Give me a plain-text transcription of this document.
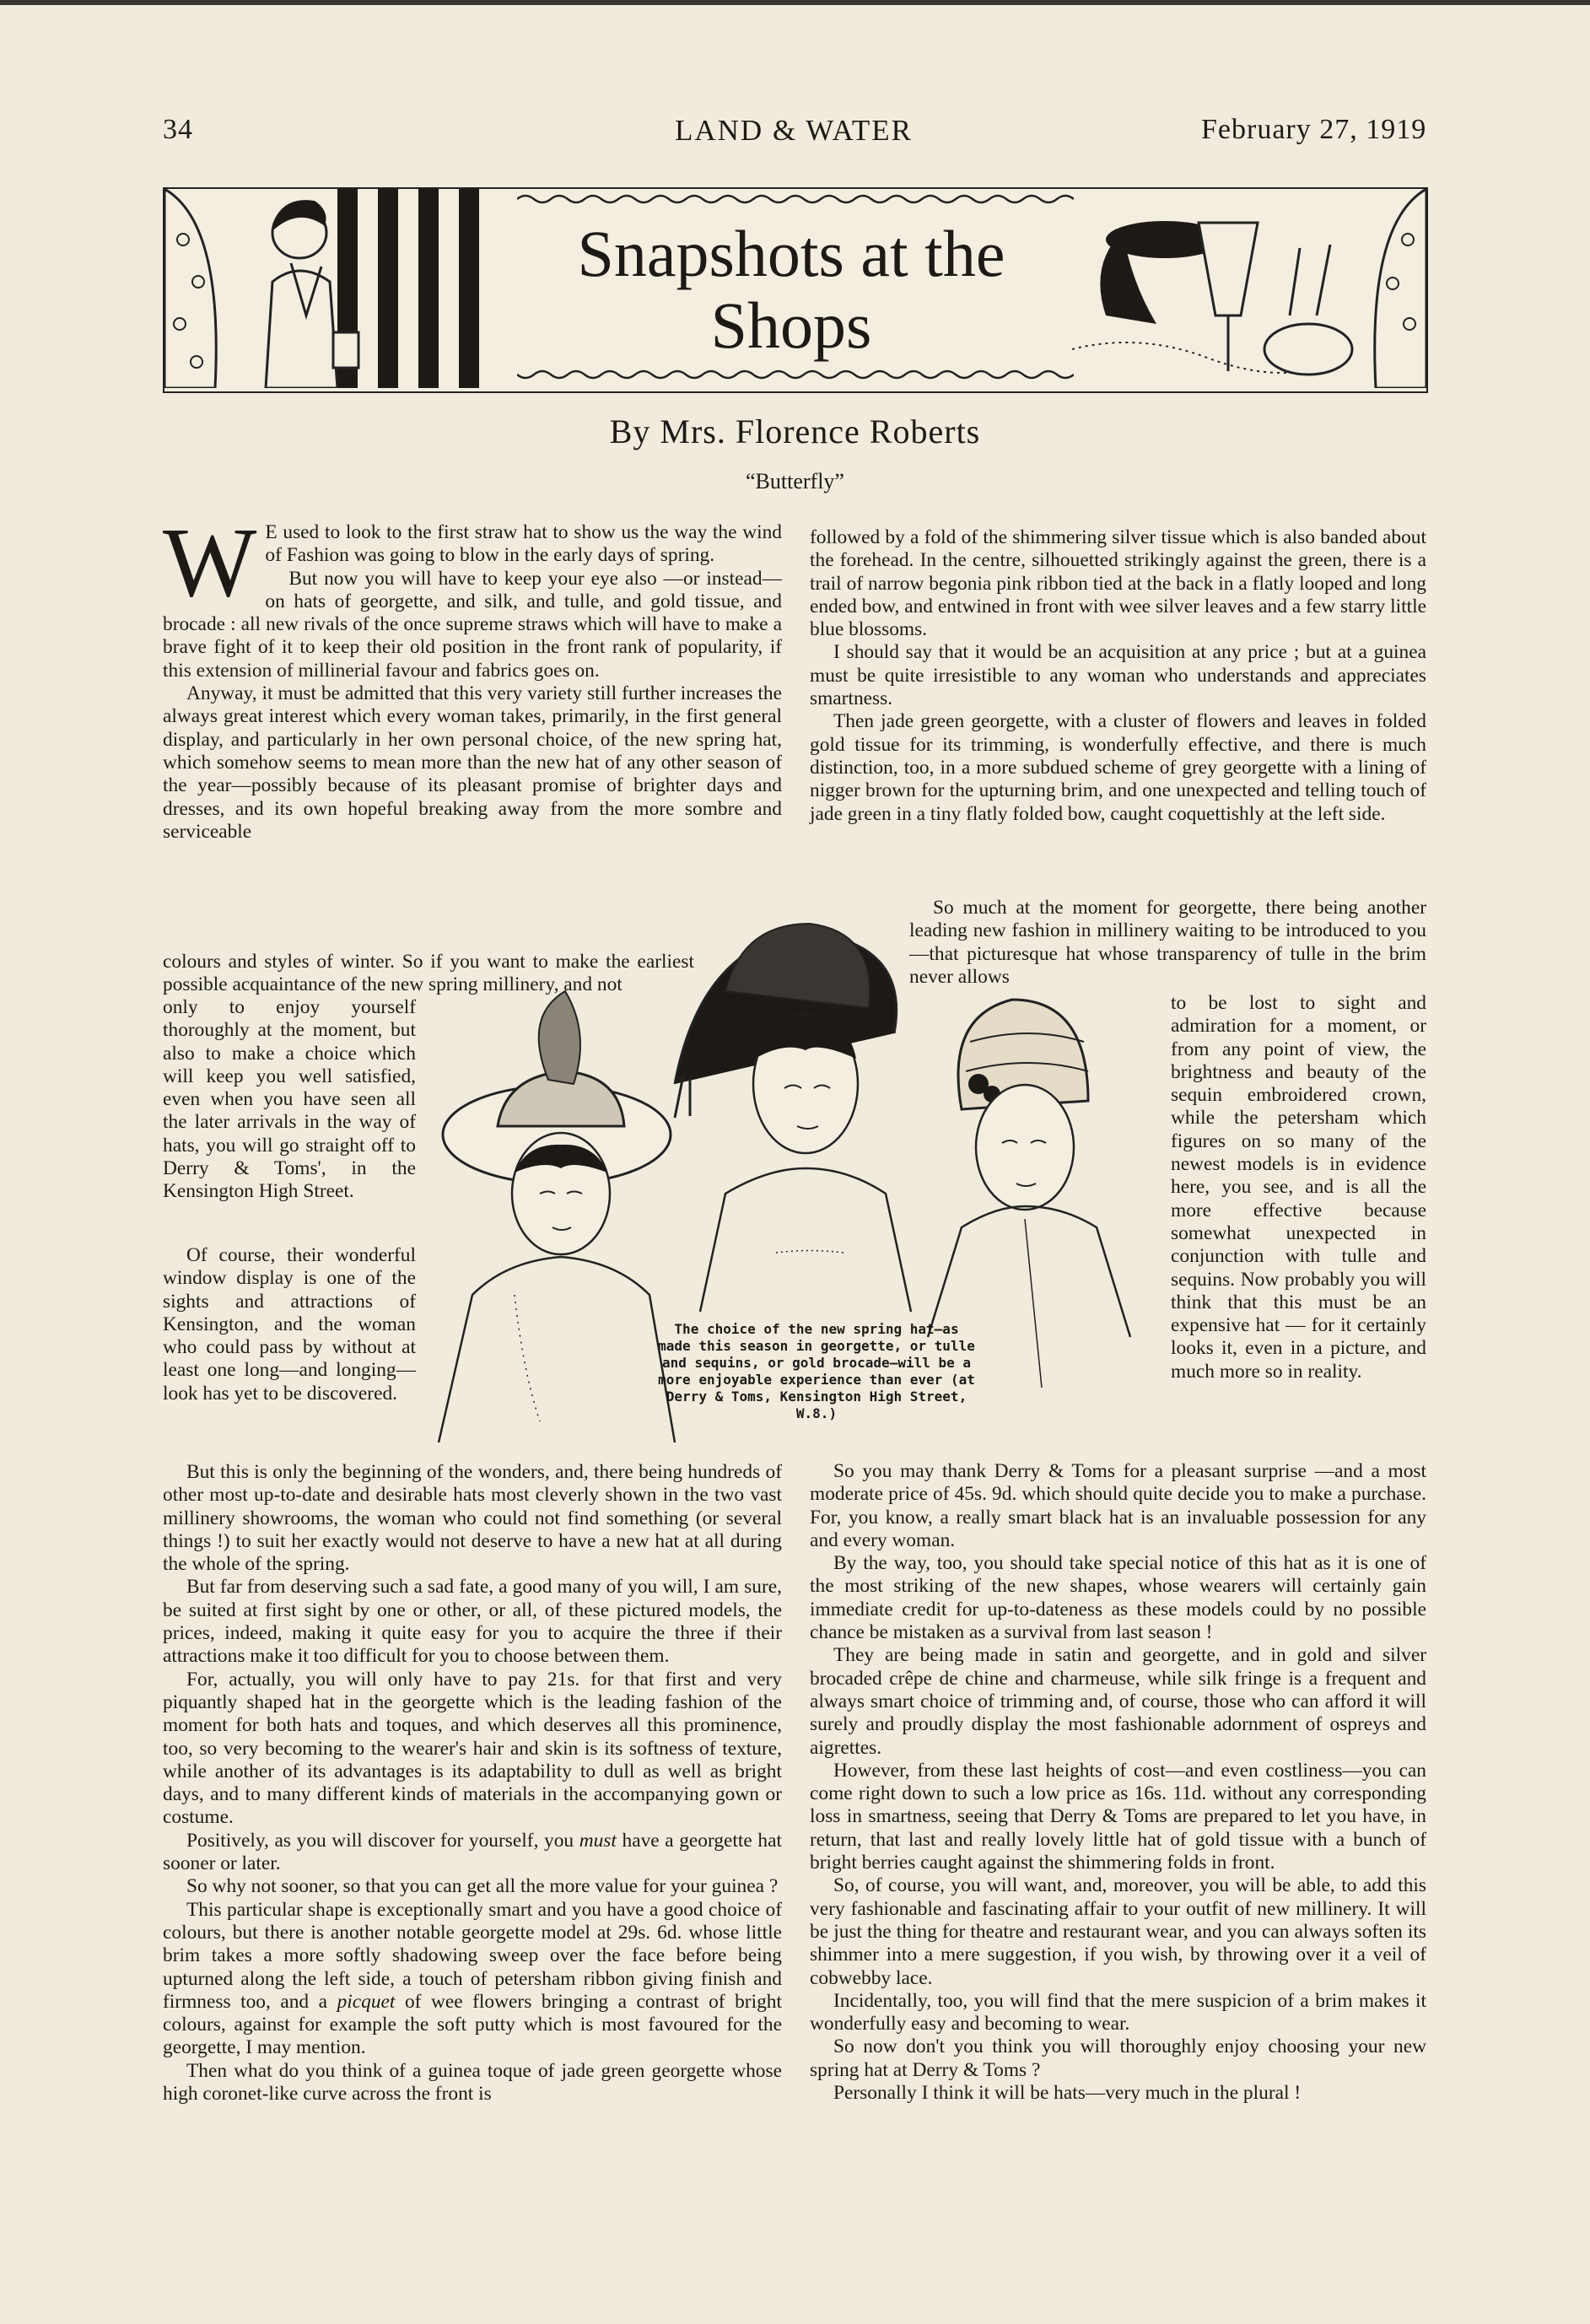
34	LAND & WATER	February 27, 1919
Snapshots at the
Shops
By Mrs. Florence Roberts
“Butterfly”

W E used to look to the first straw hat to show us the way the wind of Fashion was going to blow in the early days of spring.

But now you will have to keep your eye also —or instead—on hats of georgette, and silk, and tulle, and gold tissue, and brocade : all new rivals of the once supreme straws which will have to make a brave fight of it to keep their old position in the front rank of popularity, if this extension of millinerial favour and fabrics goes on.

Anyway, it must be admitted that this very variety still further increases the always great interest which every woman takes, primarily, in the first general display, and particularly in her own personal choice, of the new spring hat, which somehow seems to mean more than the new hat of any other season of the year—possibly because of its pleasant promise of brighter days and dresses, and its own hopeful breaking away from the more sombre and serviceable

colours and styles of winter. So if you want to make the earliest possible acquaintance of the new spring millinery, and not

only to enjoy yourself thoroughly at the moment, but also to make a choice which will keep you well satisfied, even when you have seen all the later arrivals in the way of hats, you will go straight off to Derry & Toms', in the Kensington High Street.

Of course, their wonderful window display is one of the sights and attractions of Kensington, and the woman who could pass by without at least one long—and longing—look has yet to be discovered.

But this is only the beginning of the wonders, and, there being hundreds of other most up-to-date and desirable hats most cleverly shown in the two vast millinery showrooms, the woman who could not find something (or several things !) to suit her exactly would not deserve to have a new hat at all during the whole of the spring.

But far from deserving such a sad fate, a good many of you will, I am sure, be suited at first sight by one or other, or all, of these pictured models, the prices, indeed, making it quite easy for you to acquire the three if their attractions make it too difficult for you to choose between them.

For, actually, you will only have to pay 21s. for that first and very piquantly shaped hat in the georgette which is the leading fashion of the moment for both hats and toques, and which deserves all this prominence, too, so very becoming to the wearer's hair and skin is its softness of texture, while another of its advantages is its adaptability to dull as well as bright days, and to many different kinds of materials in the accompanying gown or costume.

Positively, as you will discover for yourself, you must have a georgette hat sooner or later.

So why not sooner, so that you can get all the more value for your guinea ?

This particular shape is exceptionally smart and you have a good choice of colours, but there is another notable georgette model at 29s. 6d. whose little brim takes a more softly shadowing sweep over the face before being upturned along the left side, a touch of petersham ribbon giving finish and firmness too, and a picquet of wee flowers bringing a contrast of bright colours, against for example the soft putty which is most favoured for the georgette, I may mention.

Then what do you think of a guinea toque of jade green georgette whose high coronet-like curve across the front is

followed by a fold of the shimmering silver tissue which is also banded about the forehead. In the centre, silhouetted strikingly against the green, there is a trail of narrow begonia pink ribbon tied at the back in a flatly looped and long ended bow, and entwined in front with wee silver leaves and a few starry little blue blossoms.

I should say that it would be an acquisition at any price ; but at a guinea must be quite irresistible to any woman who understands and appreciates smartness.

Then jade green georgette, with a cluster of flowers and leaves in folded gold tissue for its trimming, is wonderfully effective, and there is much distinction, too, in a more subdued scheme of grey georgette with a lining of nigger brown for the upturning brim, and one unexpected and telling touch of jade green in a tiny flatly folded bow, caught coquettishly at the left side.

So much at the moment for georgette, there being another leading new fashion in millinery waiting to be introduced to you—that picturesque hat whose transparency of tulle in the brim never allows

to be lost to sight and admiration for a moment, or from any point of view, the brightness and beauty of the sequin embroidered crown, while the petersham which figures on so many of the newest models is in evidence here, you see, and is all the more effective because somewhat unexpected in conjunction with tulle and sequins. Now probably you will think that this must be an expensive hat — for it certainly looks it, even in a picture, and much more so in reality.

So you may thank Derry & Toms for a pleasant surprise —and a most moderate price of 45s. 9d. which should quite decide you to make a purchase. For, you know, a really smart black hat is an invaluable possession for any and every woman.

By the way, too, you should take special notice of this hat as it is one of the most striking of the new shapes, whose wearers will certainly gain immediate credit for up-to-dateness as these models could by no possible chance be mistaken as a survival from last season !

They are being made in satin and georgette, and in gold and silver brocaded crêpe de chine and charmeuse, while silk fringe is a frequent and always smart choice of trimming and, of course, those who can afford it will surely and proudly display the most fashionable adornment of ospreys and aigrettes.

However, from these last heights of cost—and even costliness—you can come right down to such a low price as 16s. 11d. without any corresponding loss in smartness, seeing that Derry & Toms are prepared to let you have, in return, that last and really lovely little hat of gold tissue with a bunch of bright berries caught against the shimmering folds in front.

So, of course, you will want, and, moreover, you will be able, to add this very fashionable and fascinating affair to your outfit of new millinery. It will be just the thing for theatre and restaurant wear, and you can always soften its shimmer into a mere suggestion, if you wish, by throwing over it a veil of cobwebby lace.

Incidentally, too, you will find that the mere suspicion of a brim makes it wonderfully easy and becoming to wear.

So now don't you think you will thoroughly enjoy choosing your new spring hat at Derry & Toms ?

Personally I think it will be hats—very much in the plural !

The choice of the new spring hat—as made this season in georgette, or tulle and sequins, or gold brocade—will be a more enjoyable experience than ever (at Derry & Toms, Kensington High Street, W.8.)
